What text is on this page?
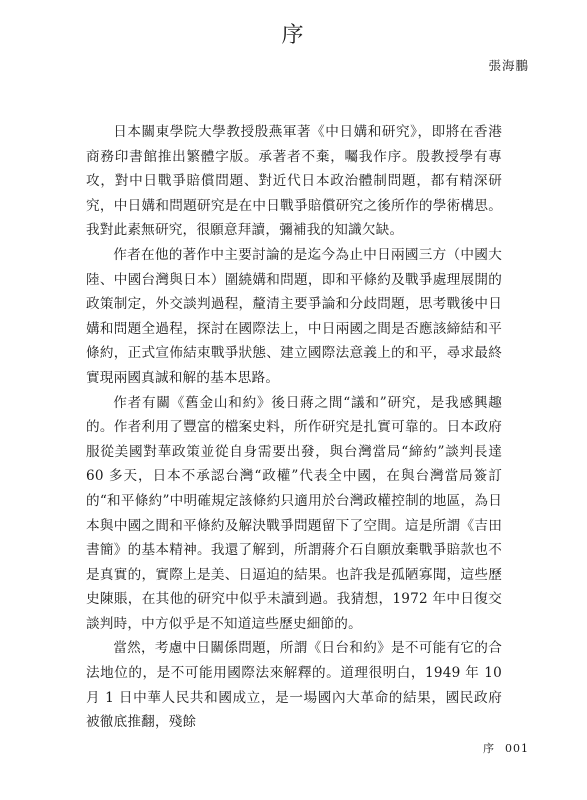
序
張海鵬

日本關東學院大學教授殷燕軍著《中日媾和研究》，即將在香港商務印書館推出繁體字版。承著者不棄，囑我作序。殷教授學有專攻，對中日戰爭賠償問題、對近代日本政治體制問題，都有精深研究，中日媾和問題研究是在中日戰爭賠償研究之後所作的學術構思。我對此素無研究，很願意拜讀，彌補我的知識欠缺。

作者在他的著作中主要討論的是迄今為止中日兩國三方（中國大陸、中國台灣與日本）圍繞媾和問題，即和平條約及戰爭處理展開的政策制定，外交談判過程，釐清主要爭論和分歧問題，思考戰後中日媾和問題全過程，探討在國際法上，中日兩國之間是否應該締結和平條約，正式宣佈結束戰爭狀態、建立國際法意義上的和平，尋求最終實現兩國真誠和解的基本思路。

作者有關《舊金山和約》後日蔣之間“議和”研究，是我感興趣的。作者利用了豐富的檔案史料，所作研究是扎實可靠的。日本政府服從美國對華政策並從自身需要出發，與台灣當局“締約”談判長達 60 多天，日本不承認台灣“政權”代表全中國，在與台灣當局簽訂的“和平條約”中明確規定該條約只適用於台灣政權控制的地區，為日本與中國之間和平條約及解決戰爭問題留下了空間。這是所謂《吉田書簡》的基本精神。我還了解到，所謂蔣介石自願放棄戰爭賠款也不是真實的，實際上是美、日逼迫的結果。也許我是孤陋寡聞，這些歷史陳賬，在其他的研究中似乎未讀到過。我猜想，1972 年中日復交談判時，中方似乎是不知道這些歷史細節的。

當然，考慮中日關係問題，所謂《日台和約》是不可能有它的合法地位的，是不可能用國際法來解釋的。道理很明白，1949 年 10 月 1 日中華人民共和國成立，是一場國內大革命的結果，國民政府被徹底推翻，殘餘

序 001
